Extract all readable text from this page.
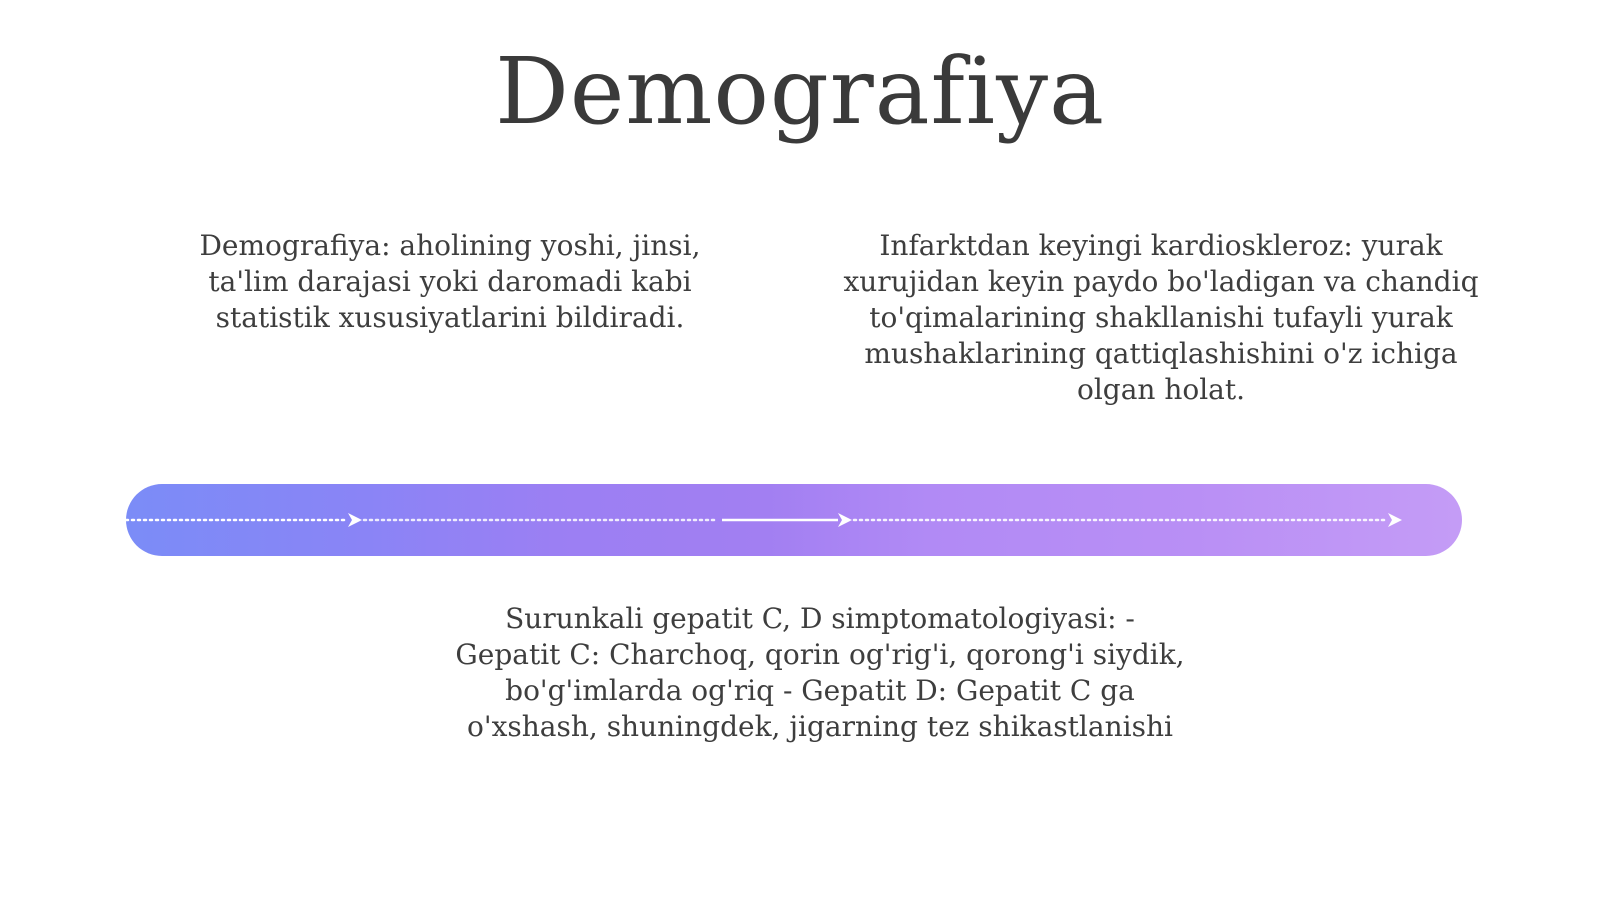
Demografiya
Demografiya: aholining yoshi, jinsi, ta'lim darajasi yoki daromadi kabi statistik xususiyatlarini bildiradi.
Infarktdan keyingi kardioskleroz: yurak xurujidan keyin paydo bo'ladigan va chandiq to'qimalarining shakllanishi tufayli yurak mushaklarining qattiqlashishini o'z ichiga olgan holat.
Surunkali gepatit C, D simptomatologiyasi: - Gepatit C: Charchoq, qorin og'rig'i, qorong'i siydik, bo'g'imlarda og'riq - Gepatit D: Gepatit C ga o'xshash, shuningdek, jigarning tez shikastlanishi
